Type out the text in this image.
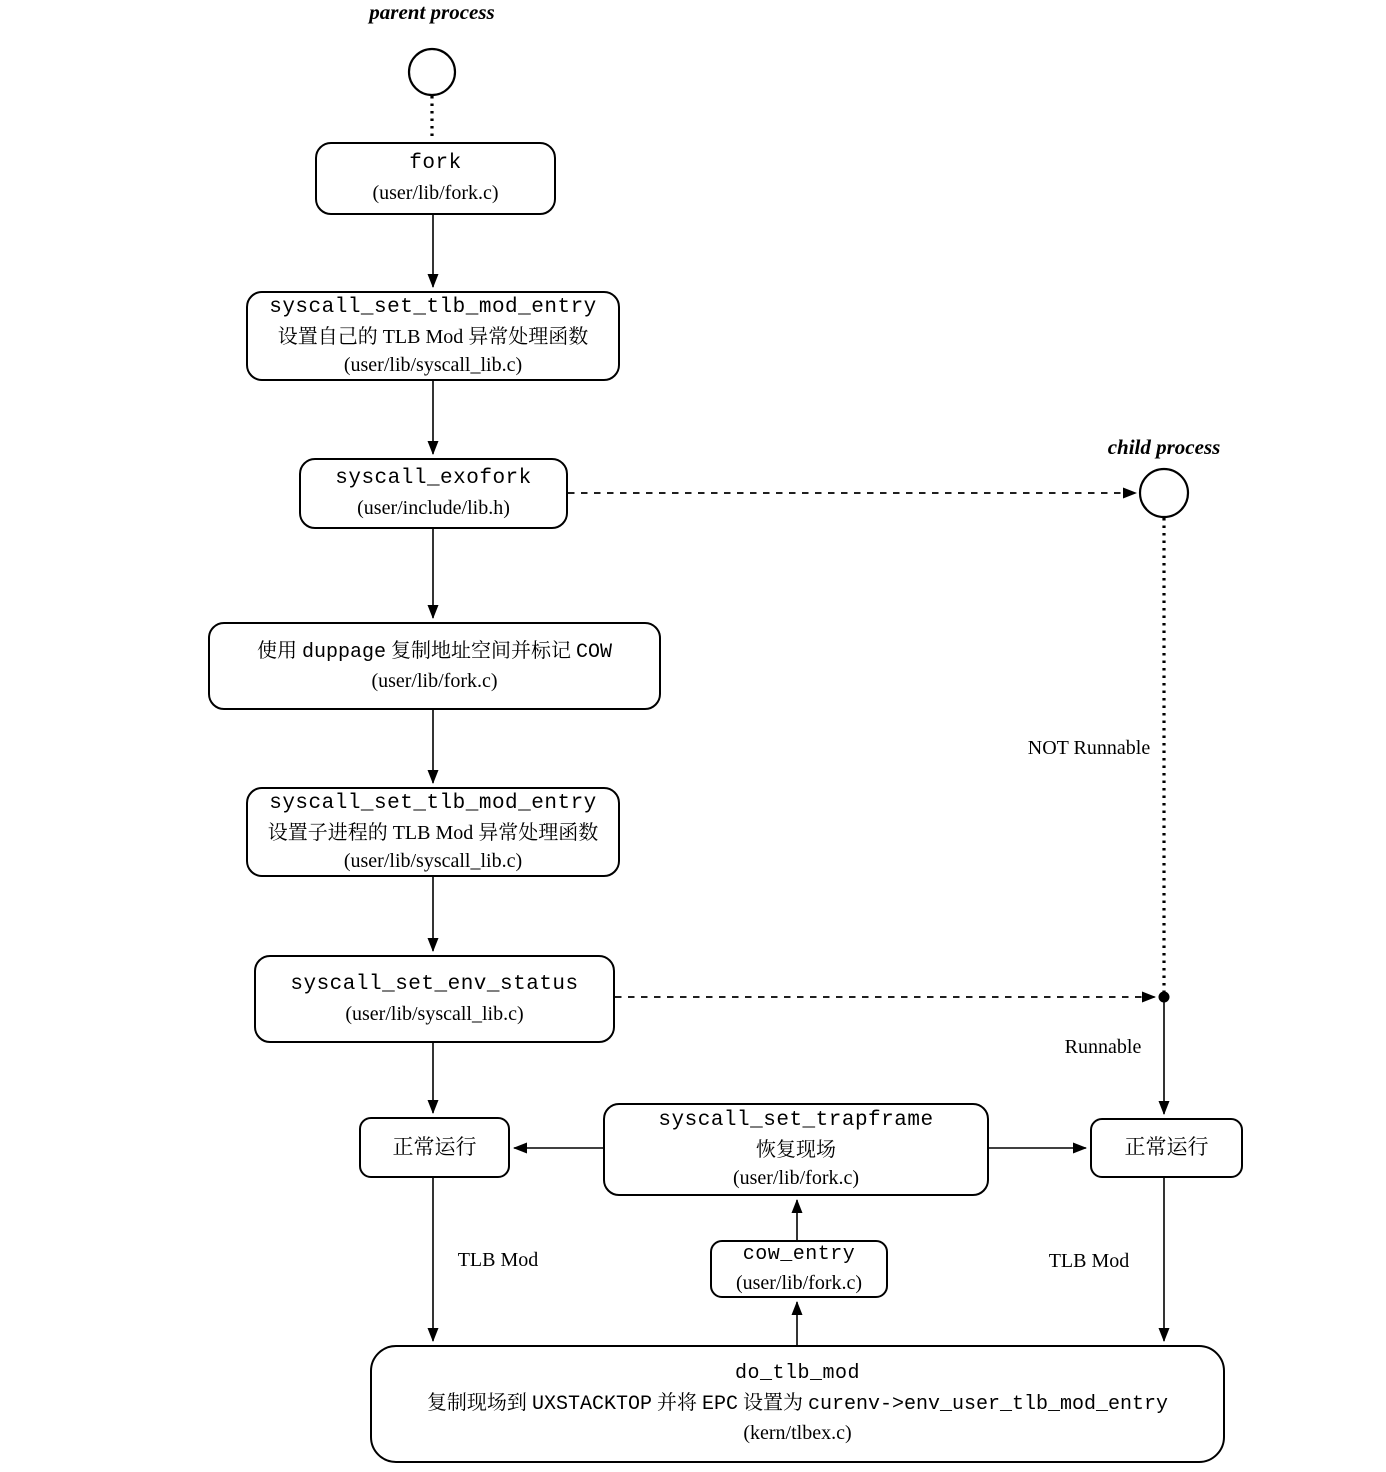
parent process
child process
NOT Runnable
Runnable
TLB Mod	TLB Mod
fork
(user/lib/fork.c)
syscall_set_tlb_mod_entry
设置自己的 TLB Mod 异常处理函数
(user/lib/syscall_lib.c)
syscall_exofork
(user/include/lib.h)
使用 duppage 复制地址空间并标记 COW
(user/lib/fork.c)
syscall_set_tlb_mod_entry
设置子进程的 TLB Mod 异常处理函数
(user/lib/syscall_lib.c)
syscall_set_env_status
(user/lib/syscall_lib.c)
正常运行
syscall_set_trapframe
恢复现场
(user/lib/fork.c)
正常运行
cow_entry
(user/lib/fork.c)
do_tlb_mod
复制现场到 UXSTACKTOP 并将 EPC 设置为 curenv->env_user_tlb_mod_entry
(kern/tlbex.c)
